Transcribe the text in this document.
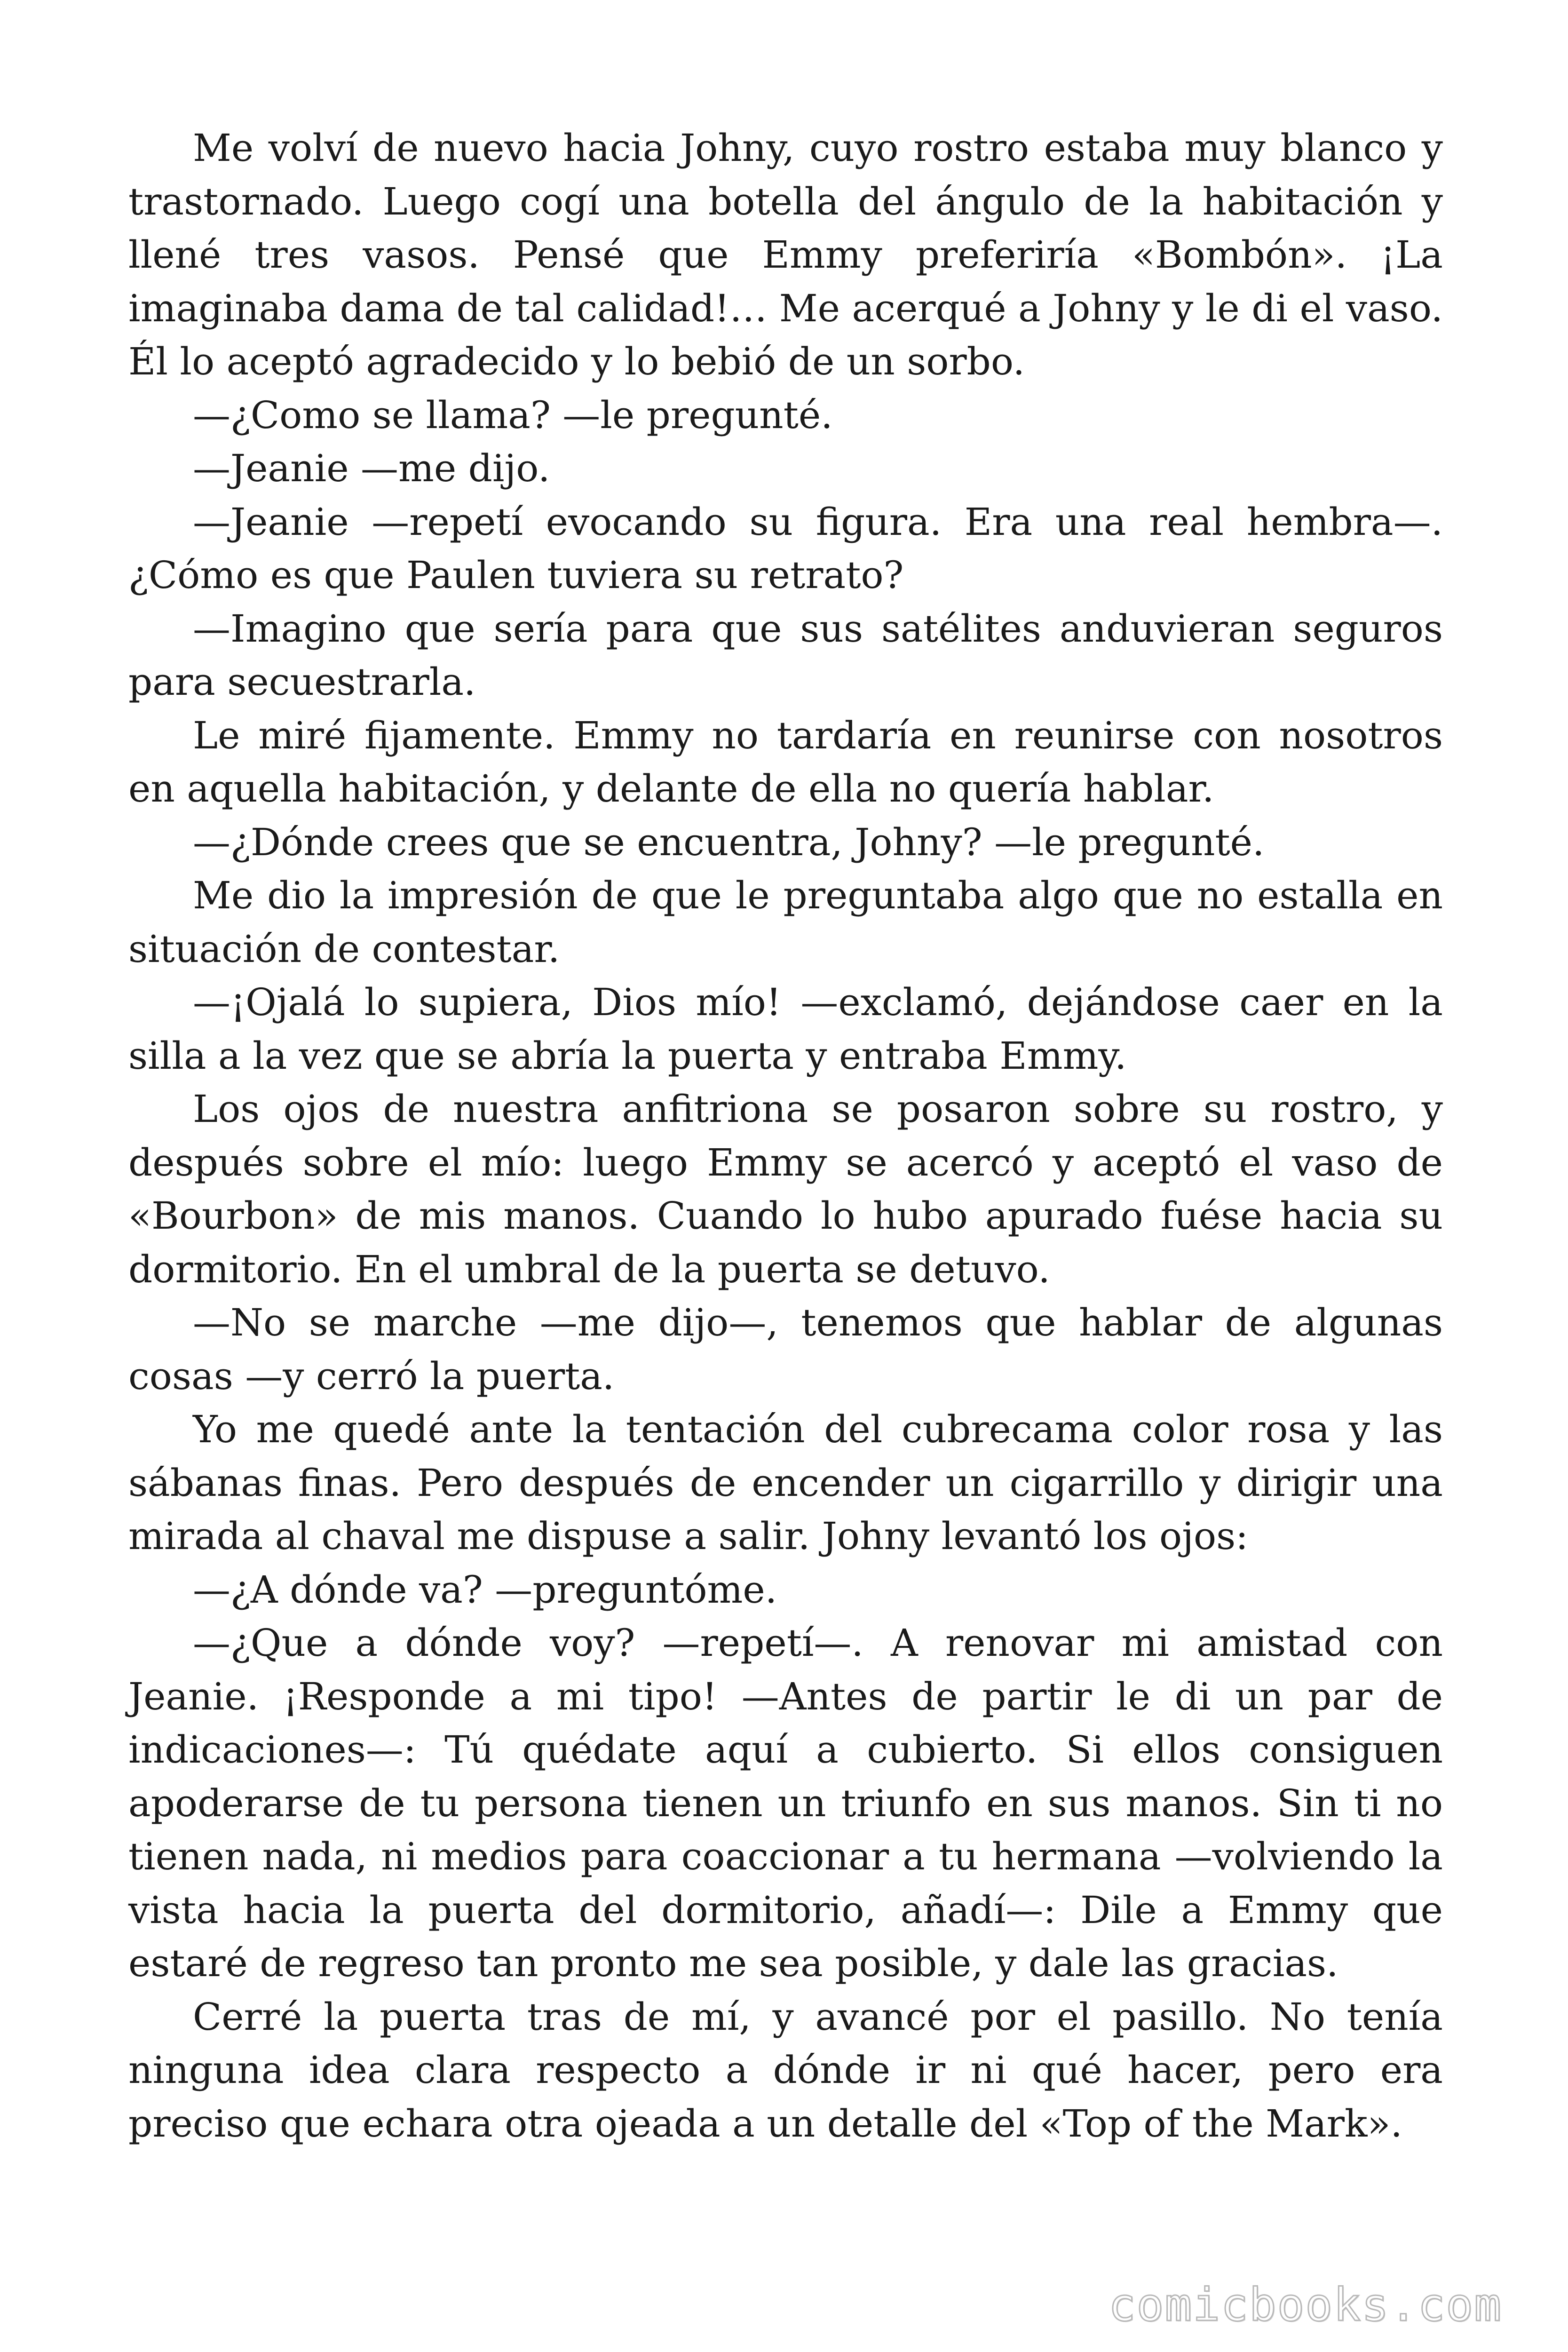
Me volví de nuevo hacia Johny, cuyo rostro estaba muy blanco y trastornado. Luego cogí una botella del ángulo de la habitación y llené tres vasos. Pensé que Emmy preferiría «Bombón». ¡La imaginaba dama de tal calidad!… Me acerqué a Johny y le di el vaso. Él lo aceptó agradecido y lo bebió de un sorbo.

—¿Como se llama? —le pregunté.

—Jeanie —me dijo.

—Jeanie —repetí evocando su figura. Era una real hembra—. ¿Cómo es que Paulen tuviera su retrato?

—Imagino que sería para que sus satélites anduvieran seguros para secuestrarla.

Le miré fijamente. Emmy no tardaría en reunirse con nosotros en aquella habitación, y delante de ella no quería hablar.

—¿Dónde crees que se encuentra, Johny? —le pregunté.

Me dio la impresión de que le preguntaba algo que no estalla en situación de contestar.

—¡Ojalá lo supiera, Dios mío! —exclamó, dejándose caer en la silla a la vez que se abría la puerta y entraba Emmy.

Los ojos de nuestra anfitriona se posaron sobre su rostro, y después sobre el mío: luego Emmy se acercó y aceptó el vaso de «Bourbon» de mis manos. Cuando lo hubo apurado fuése hacia su dormitorio. En el umbral de la puerta se detuvo.

—No se marche —me dijo—, tenemos que hablar de algunas cosas —y cerró la puerta.

Yo me quedé ante la tentación del cubrecama color rosa y las sábanas finas. Pero después de encender un cigarrillo y dirigir una mirada al chaval me dispuse a salir. Johny levantó los ojos:

—¿A dónde va? —preguntóme.

—¿Que a dónde voy? —repetí—. A renovar mi amistad con Jeanie. ¡Responde a mi tipo! —Antes de partir le di un par de indicaciones—: Tú quédate aquí a cubierto. Si ellos consiguen apoderarse de tu persona tienen un triunfo en sus manos. Sin ti no tienen nada, ni medios para coaccionar a tu hermana —volviendo la vista hacia la puerta del dormitorio, añadí—: Dile a Emmy que estaré de regreso tan pronto me sea posible, y dale las gracias.

Cerré la puerta tras de mí, y avancé por el pasillo. No tenía ninguna idea clara respecto a dónde ir ni qué hacer, pero era preciso que echara otra ojeada a un detalle del «Top of the Mark».

comicbooks.com
